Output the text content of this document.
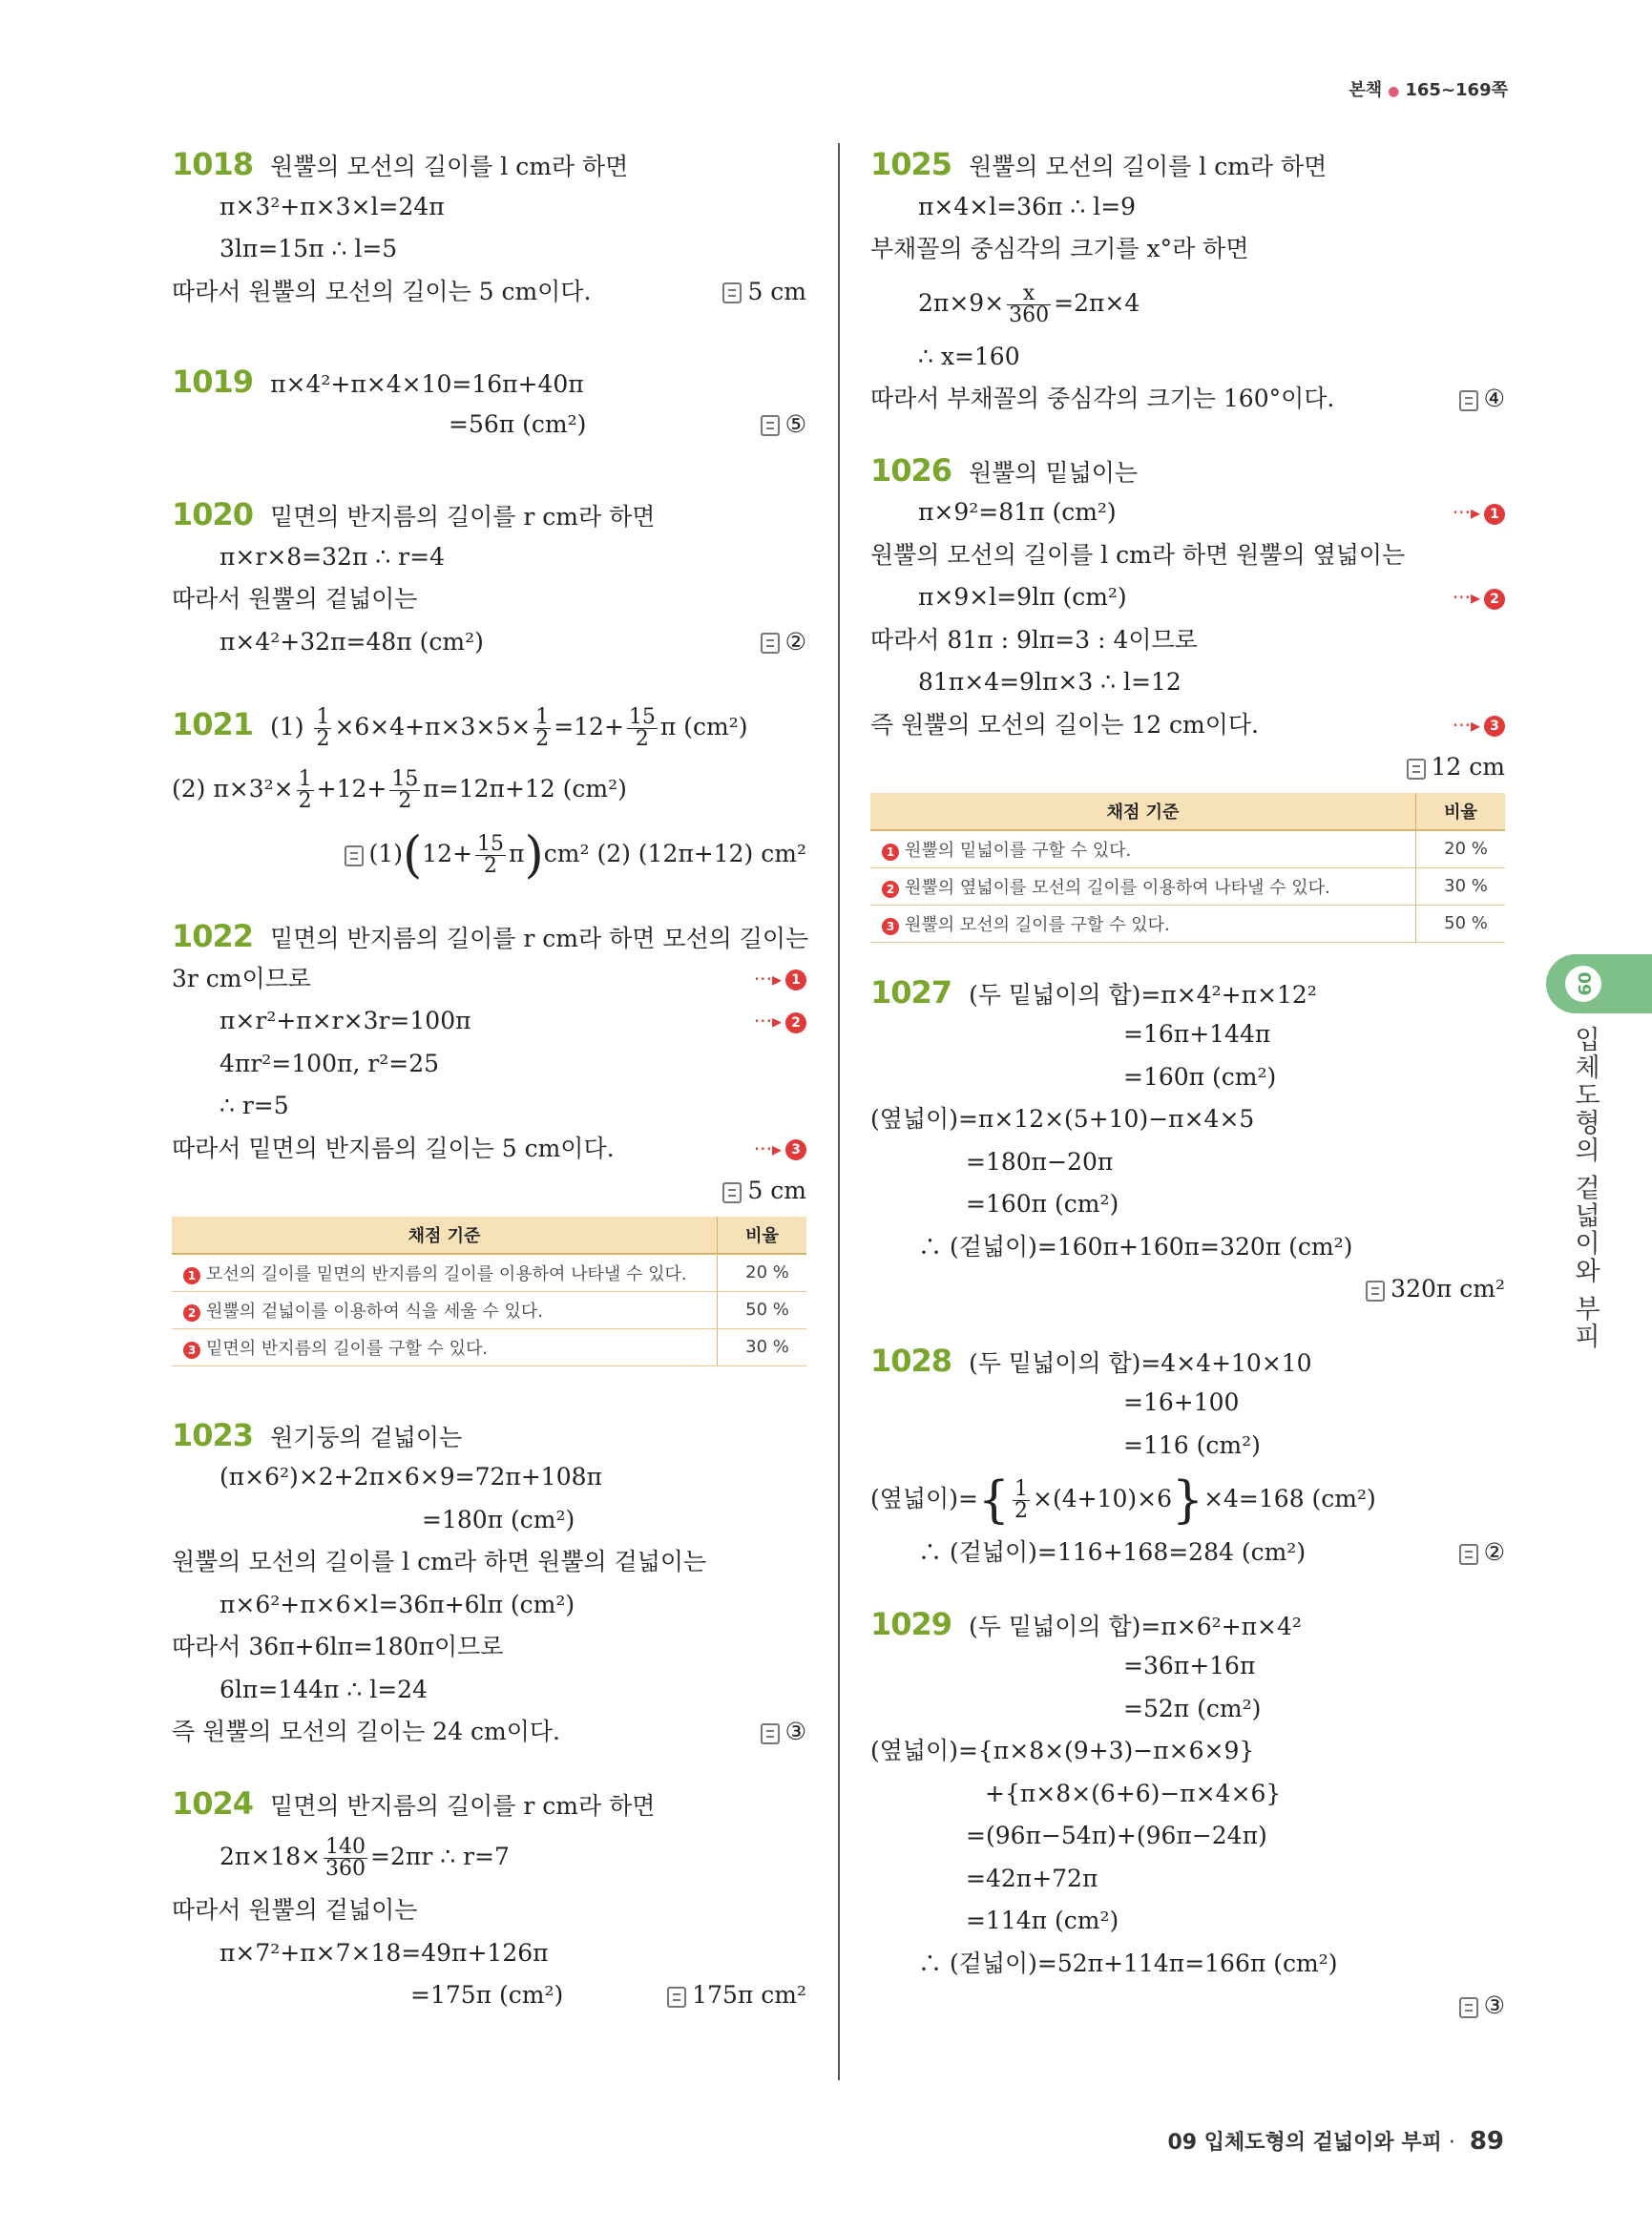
본책 ● 165~169쪽
1018 원뿔의 모선의 길이를 l cm라 하면
π×3²+π×3×l=24π
3lπ=15π ∴ l=5
따라서 원뿔의 모선의 길이는 5 cm이다.	5 cm
1019 π×4²+π×4×10=16π+40π
=56π (cm²)	⑤
1020 밑면의 반지름의 길이를 r cm라 하면
π×r×8=32π ∴ r=4
따라서 원뿔의 겉넓이는
π×4²+32π=48π (cm²)	②
1021 $(1) \frac{1}{2} \times 6\times 4+\pi\times 3\times 5\times \frac{1}{2} =12+ \frac{15}{2}$ π (cm²)
(2) $\pi\times 3^2\times \frac{1}{2} +12+ \frac{15}{2} \pi=12\pi+12$ (cm²)
$(1)(12+ \frac{15}{2} \pi)cm^2$ (2) (12π+12) cm²
1022 밑면의 반지름의 길이를 r cm라 하면 모선의 길이는
3r cm이므로	···▸ 1
π×r²+π×r×3r=100π	···▸ 2
4πr²=100π, r²=25
∴ r=5
따라서 밑면의 반지름의 길이는 5 cm이다.	···▸ 3
5 cm
채점 기준	비율
1 모선의 길이를 밑면의 반지름의 길이를 이용하여 나타낼 수 있다.	20 %
2 원뿔의 겉넓이를 이용하여 식을 세울 수 있다.	50 %
3 밑면의 반지름의 길이를 구할 수 있다.	30 %
1023 원기둥의 겉넓이는
(π×6²)×2+2π×6×9=72π+108π
=180π (cm²)
원뿔의 모선의 길이를 l cm라 하면 원뿔의 겉넓이는
π×6²+π×6×l=36π+6lπ (cm²)
따라서 36π+6lπ=180π이므로
6lπ=144π ∴ l=24
즉 원뿔의 모선의 길이는 24 cm이다.	③
1024 밑면의 반지름의 길이를 r cm라 하면
$2\pi\times 18\times \frac{140}{360} =2\pi r$ ∴ r=7
따라서 원뿔의 겉넓이는
π×7²+π×7×18=49π+126π
=175π (cm²)	175π cm²
1025 원뿔의 모선의 길이를 l cm라 하면
π×4×l=36π ∴ l=9
부채꼴의 중심각의 크기를 x°라 하면
$2\pi\times 9\times \frac{x}{360} =2\pi\times 4$
∴ x=160
따라서 부채꼴의 중심각의 크기는 160°이다.	④
1026 원뿔의 밑넓이는
π×9²=81π (cm²)	···▸ 1
원뿔의 모선의 길이를 l cm라 하면 원뿔의 옆넓이는
π×9×l=9lπ (cm²)	···▸ 2
따라서 81π : 9lπ=3 : 4이므로
81π×4=9lπ×3 ∴ l=12
즉 원뿔의 모선의 길이는 12 cm이다.	···▸ 3
12 cm
채점 기준	비율
1 원뿔의 밑넓이를 구할 수 있다.	20 %
2 원뿔의 옆넓이를 모선의 길이를 이용하여 나타낼 수 있다.	30 %
3 원뿔의 모선의 길이를 구할 수 있다.	50 %
1027 (두 밑넓이의 합)=π×4²+π×12²
=16π+144π
=160π (cm²)
(옆넓이)=π×12×(5+10)−π×4×5
=180π−20π
=160π (cm²)
∴ (겉넓이)=160π+160π=320π (cm²)
320π cm²
1028 (두 밑넓이의 합)=4×4+10×10
=16+100
=116 (cm²)
(옆넓이)={ $\frac{1}{2} \times(4+10)\times 6\}\times 4=168$ (cm²)
∴ (겉넓이)=116+168=284 (cm²)	②
1029 (두 밑넓이의 합)=π×6²+π×4²
=36π+16π
=52π (cm²)
(옆넓이)={π×8×(9+3)−π×6×9}
+{π×8×(6+6)−π×4×6}
=(96π−54π)+(96π−24π)
=42π+72π
=114π (cm²)
∴ (겉넓이)=52π+114π=166π (cm²)
③
09
입체도형의 겉넓이와 부피
09 입체도형의 겉넓이와 부피 · 89
